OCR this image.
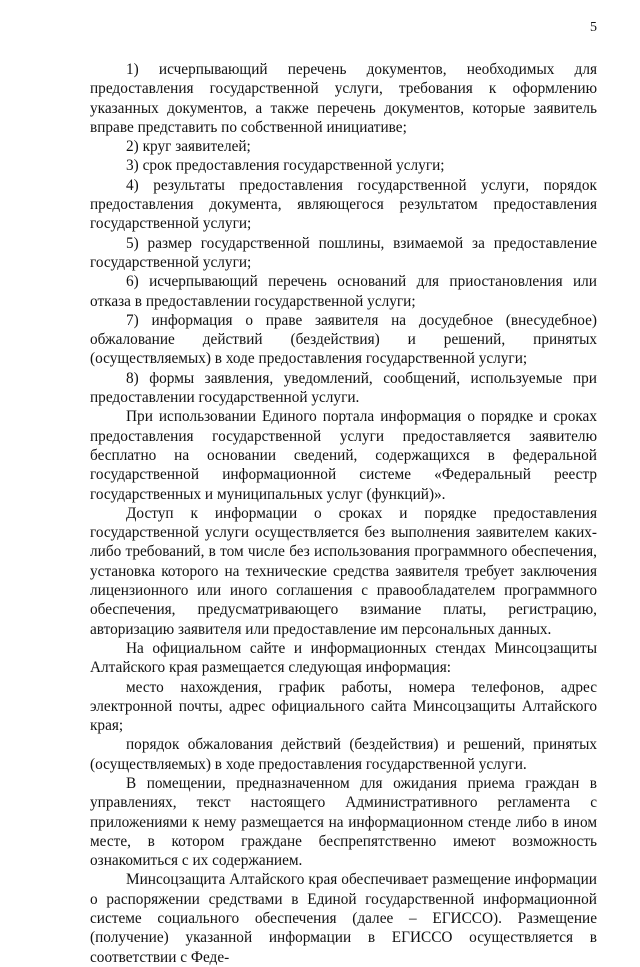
5

1) исчерпывающий перечень документов, необходимых для предоставления государственной услуги, требования к оформлению указанных документов, а также перечень документов, которые заявитель вправе представить по собственной инициативе;

2) круг заявителей;

3) срок предоставления государственной услуги;

4) результаты предоставления государственной услуги, порядок предоставления документа, являющегося результатом предоставления государственной услуги;

5) размер государственной пошлины, взимаемой за предоставление государственной услуги;

6) исчерпывающий перечень оснований для приостановления или отказа в предоставлении государственной услуги;

7) информация о праве заявителя на досудебное (внесудебное) обжалование действий (бездействия) и решений, принятых (осуществляемых) в ходе предоставления государственной услуги;

8) формы заявления, уведомлений, сообщений, используемые при предоставлении государственной услуги.

При использовании Единого портала информация о порядке и сроках предоставления государственной услуги предоставляется заявителю бесплатно на основании сведений, содержащихся в федеральной государственной информационной системе «Федеральный реестр государственных и муниципальных услуг (функций)».

Доступ к информации о сроках и порядке предоставления государственной услуги осуществляется без выполнения заявителем каких-либо требований, в том числе без использования программного обеспечения, установка которого на технические средства заявителя требует заключения лицензионного или иного соглашения с правообладателем программного обеспечения, предусматривающего взимание платы, регистрацию, авторизацию заявителя или предоставление им персональных данных.

На официальном сайте и информационных стендах Минсоцзащиты Алтайского края размещается следующая информация:

место нахождения, график работы, номера телефонов, адрес электронной почты, адрес официального сайта Минсоцзащиты Алтайского края;

порядок обжалования действий (бездействия) и решений, принятых (осуществляемых) в ходе предоставления государственной услуги.

В помещении, предназначенном для ожидания приема граждан в управлениях, текст настоящего Административного регламента с приложениями к нему размещается на информационном стенде либо в ином месте, в котором граждане беспрепятственно имеют возможность ознакомиться с их содержанием.

Минсоцзащита Алтайского края обеспечивает размещение информации о распоряжении средствами в Единой государственной информационной системе социального обеспечения (далее – ЕГИССО). Размещение (получение) указанной информации в ЕГИССО осуществляется в соответствии с Феде-
